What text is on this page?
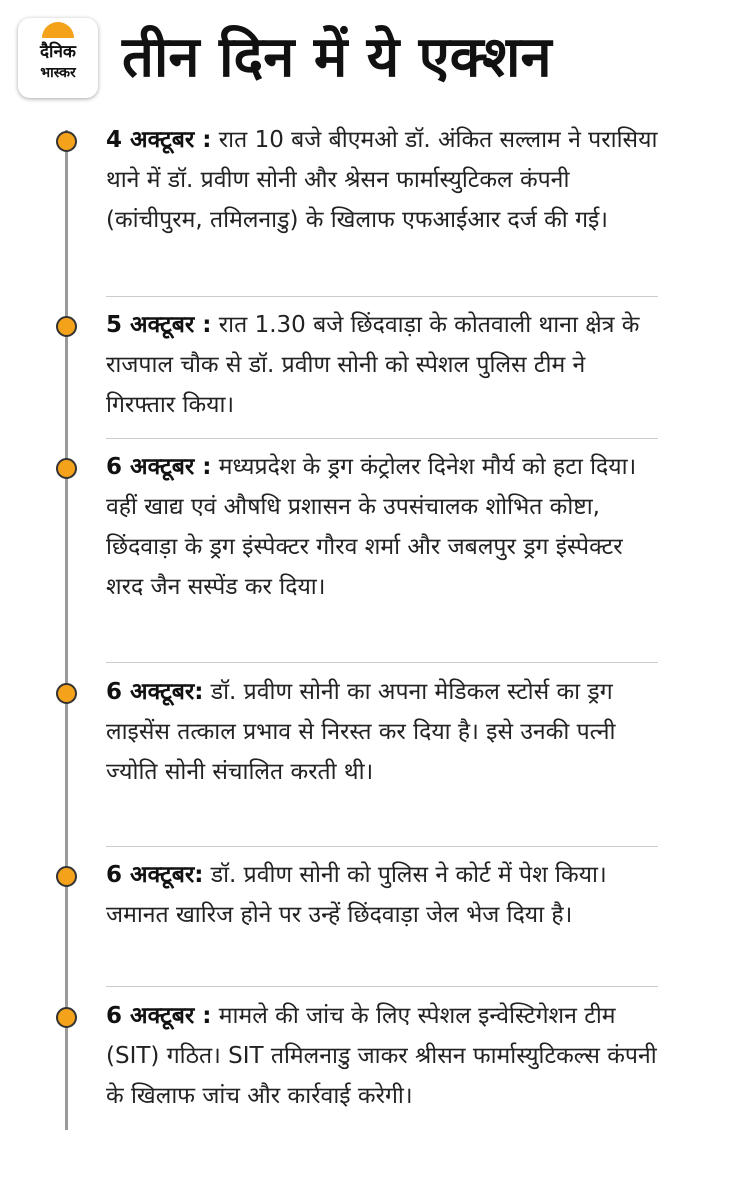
दैनिक
भास्कर तीन दिन में ये एक्शन
4 अक्टूबर : रात 10 बजे बीएमओ डॉ. अंकित सल्लाम ने परासिया थाने में डॉ. प्रवीण सोनी और श्रेसन फार्मास्युटिकल कंपनी (कांचीपुरम, तमिलनाडु) के खिलाफ एफआईआर दर्ज की गई।
5 अक्टूबर : रात 1.30 बजे छिंदवाड़ा के कोतवाली थाना क्षेत्र के राजपाल चौक से डॉ. प्रवीण सोनी को स्पेशल पुलिस टीम ने गिरफ्तार किया।
6 अक्टूबर : मध्यप्रदेश के ड्रग कंट्रोलर दिनेश मौर्य को हटा दिया। वहीं खाद्य एवं औषधि प्रशासन के उपसंचालक शोभित कोष्टा, छिंदवाड़ा के ड्रग इंस्पेक्टर गौरव शर्मा और जबलपुर ड्रग इंस्पेक्टर शरद जैन सस्पेंड कर दिया।
6 अक्टूबर: डॉ. प्रवीण सोनी का अपना मेडिकल स्टोर्स का ड्रग लाइसेंस तत्काल प्रभाव से निरस्त कर दिया है। इसे उनकी पत्नी ज्योति सोनी संचालित करती थी।
6 अक्टूबर: डॉ. प्रवीण सोनी को पुलिस ने कोर्ट में पेश किया। जमानत खारिज होने पर उन्हें छिंदवाड़ा जेल भेज दिया है।
6 अक्टूबर : मामले की जांच के लिए स्पेशल इन्वेस्टिगेशन टीम (SIT) गठित। SIT तमिलनाडु जाकर श्रीसन फार्मास्युटिकल्स कंपनी के खिलाफ जांच और कार्रवाई करेगी।
